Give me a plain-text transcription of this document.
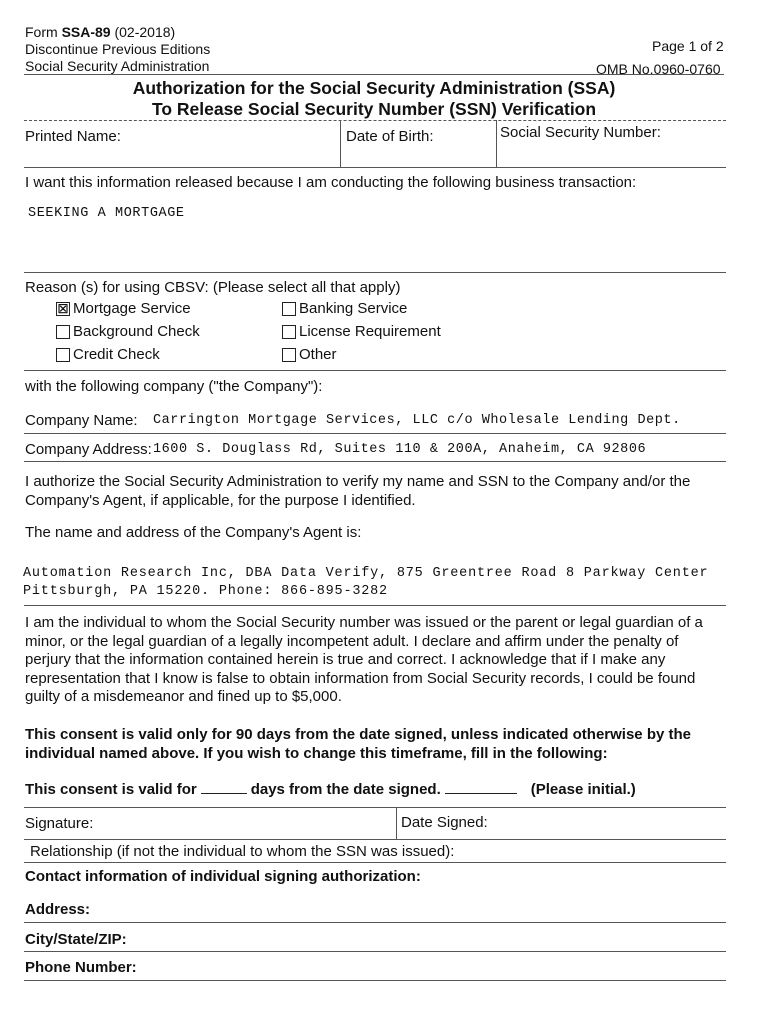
Form SSA-89 (02-2018)
Discontinue Previous Editions
Social Security Administration
Page 1 of 2
OMB No.0960-0760
Authorization for the Social Security Administration (SSA)
To Release Social Security Number (SSN) Verification
Printed Name:	Date of Birth:	Social Security Number:
I want this information released because I am conducting the following business transaction:
SEEKING A MORTGAGE
Reason (s) for using CBSV: (Please select all that apply)
☒ Mortgage Service	Banking Service
Background Check	License Requirement
Credit Check	Other
with the following company ("the Company"):
Company Name: Carrington Mortgage Services, LLC c/o Wholesale Lending Dept.
Company Address: 1600 S. Douglass Rd, Suites 110 & 200A, Anaheim, CA 92806
I authorize the Social Security Administration to verify my name and SSN to the Company and/or the Company's Agent, if applicable, for the purpose I identified.
The name and address of the Company's Agent is:
Automation Research Inc, DBA Data Verify, 875 Greentree Road 8 Parkway Center
Pittsburgh, PA 15220. Phone: 866-895-3282
I am the individual to whom the Social Security number was issued or the parent or legal guardian of a minor, or the legal guardian of a legally incompetent adult. I declare and affirm under the penalty of perjury that the information contained herein is true and correct. I acknowledge that if I make any representation that I know is false to obtain information from Social Security records, I could be found guilty of a misdemeanor and fined up to $5,000.
This consent is valid only for 90 days from the date signed, unless indicated otherwise by the individual named above. If you wish to change this timeframe, fill in the following:
This consent is valid for	days from the date signed.	(Please initial.)
Signature:	Date Signed:
Relationship (if not the individual to whom the SSN was issued):
Contact information of individual signing authorization:
Address:
City/State/ZIP:
Phone Number:
